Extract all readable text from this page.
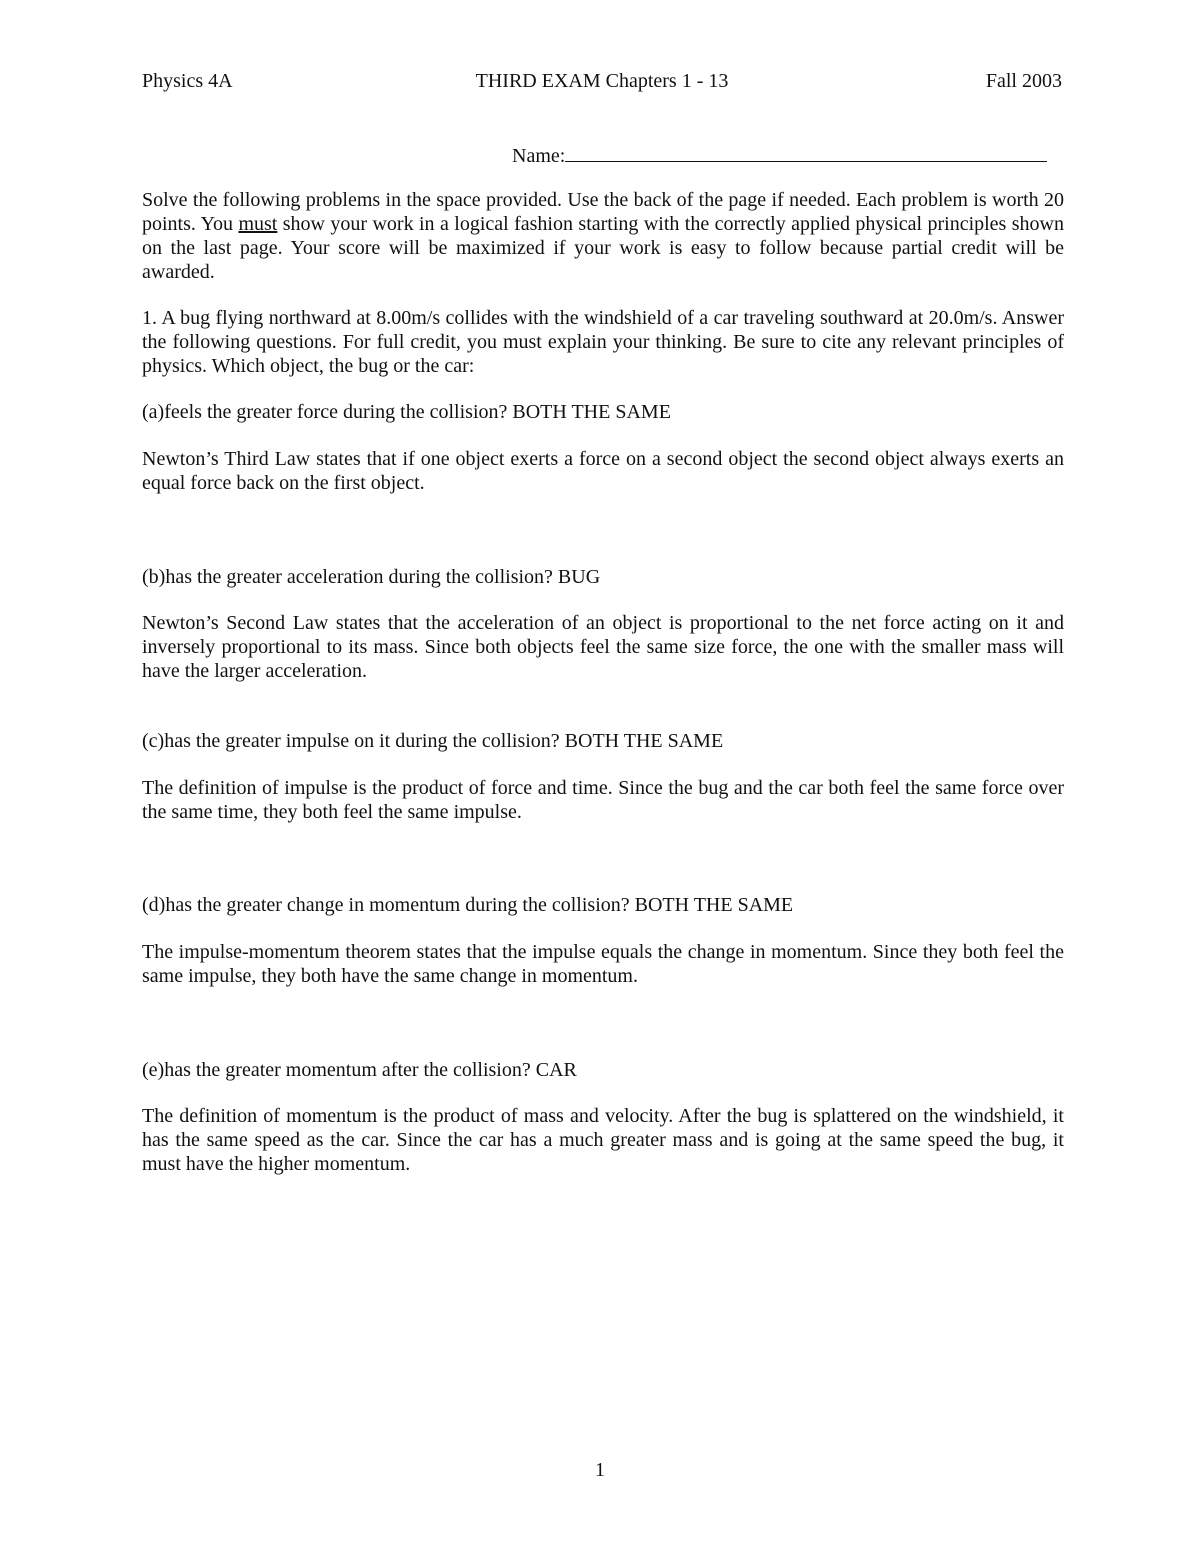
Physics 4A	THIRD EXAM Chapters 1 - 13	Fall 2003
Name:
Solve the following problems in the space provided. Use the back of the page if needed. Each problem is worth 20 points. You must show your work in a logical fashion starting with the correctly applied physical principles shown on the last page. Your score will be maximized if your work is easy to follow because partial credit will be awarded.
1. A bug flying northward at 8.00m/s collides with the windshield of a car traveling southward at 20.0m/s. Answer the following questions. For full credit, you must explain your thinking. Be sure to cite any relevant principles of physics. Which object, the bug or the car:
(a)feels the greater force during the collision? BOTH THE SAME
Newton’s Third Law states that if one object exerts a force on a second object the second object always exerts an equal force back on the first object.
(b)has the greater acceleration during the collision? BUG
Newton’s Second Law states that the acceleration of an object is proportional to the net force acting on it and inversely proportional to its mass. Since both objects feel the same size force, the one with the smaller mass will have the larger acceleration.
(c)has the greater impulse on it during the collision? BOTH THE SAME
The definition of impulse is the product of force and time. Since the bug and the car both feel the same force over the same time, they both feel the same impulse.
(d)has the greater change in momentum during the collision? BOTH THE SAME
The impulse-momentum theorem states that the impulse equals the change in momentum. Since they both feel the same impulse, they both have the same change in momentum.
(e)has the greater momentum after the collision? CAR
The definition of momentum is the product of mass and velocity. After the bug is splattered on the windshield, it has the same speed as the car. Since the car has a much greater mass and is going at the same speed the bug, it must have the higher momentum.
1
